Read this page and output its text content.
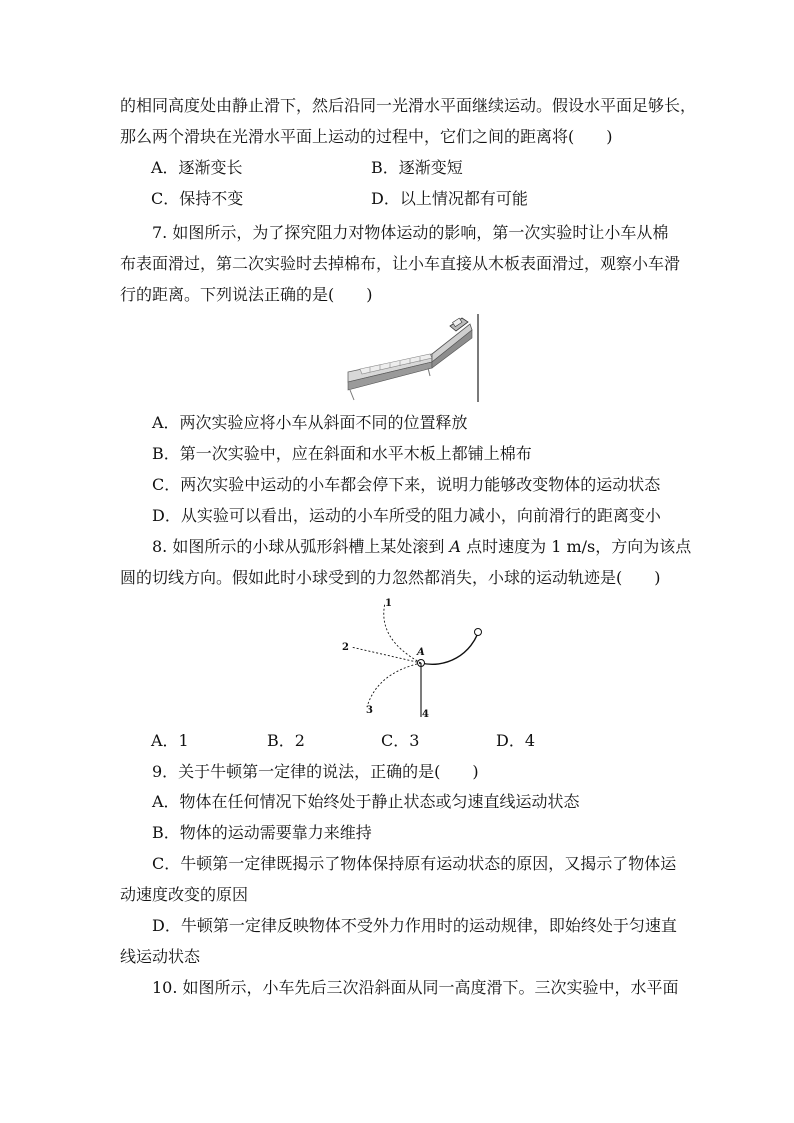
的相同高度处由静止滑下，然后沿同一光滑水平面继续运动。假设水平面足够长，
那么两个滑块在光滑水平面上运动的过程中，它们之间的距离将(　　)
A．逐渐变长	B．逐渐变短
C．保持不变	D．以上情况都有可能
7. 如图所示，为了探究阻力对物体运动的影响，第一次实验时让小车从棉
布表面滑过，第二次实验时去掉棉布，让小车直接从木板表面滑过，观察小车滑
行的距离。下列说法正确的是(　　)
A．两次实验应将小车从斜面不同的位置释放
B．第一次实验中，应在斜面和水平木板上都铺上棉布
C．两次实验中运动的小车都会停下来，说明力能够改变物体的运动状态
D．从实验可以看出，运动的小车所受的阻力减小，向前滑行的距离变小
8. 如图所示的小球从弧形斜槽上某处滚到 A 点时速度为 1 m/s，方向为该点
圆的切线方向。假如此时小球受到的力忽然都消失，小球的运动轨迹是(　　)
1
2
3	4
A
A．1	B．2	C．3	D．4
9．关于牛顿第一定律的说法，正确的是(　　)
A．物体在任何情况下始终处于静止状态或匀速直线运动状态
B．物体的运动需要靠力来维持
C．牛顿第一定律既揭示了物体保持原有运动状态的原因，又揭示了物体运
动速度改变的原因
D．牛顿第一定律反映物体不受外力作用时的运动规律，即始终处于匀速直
线运动状态
10. 如图所示，小车先后三次沿斜面从同一高度滑下。三次实验中，水平面
